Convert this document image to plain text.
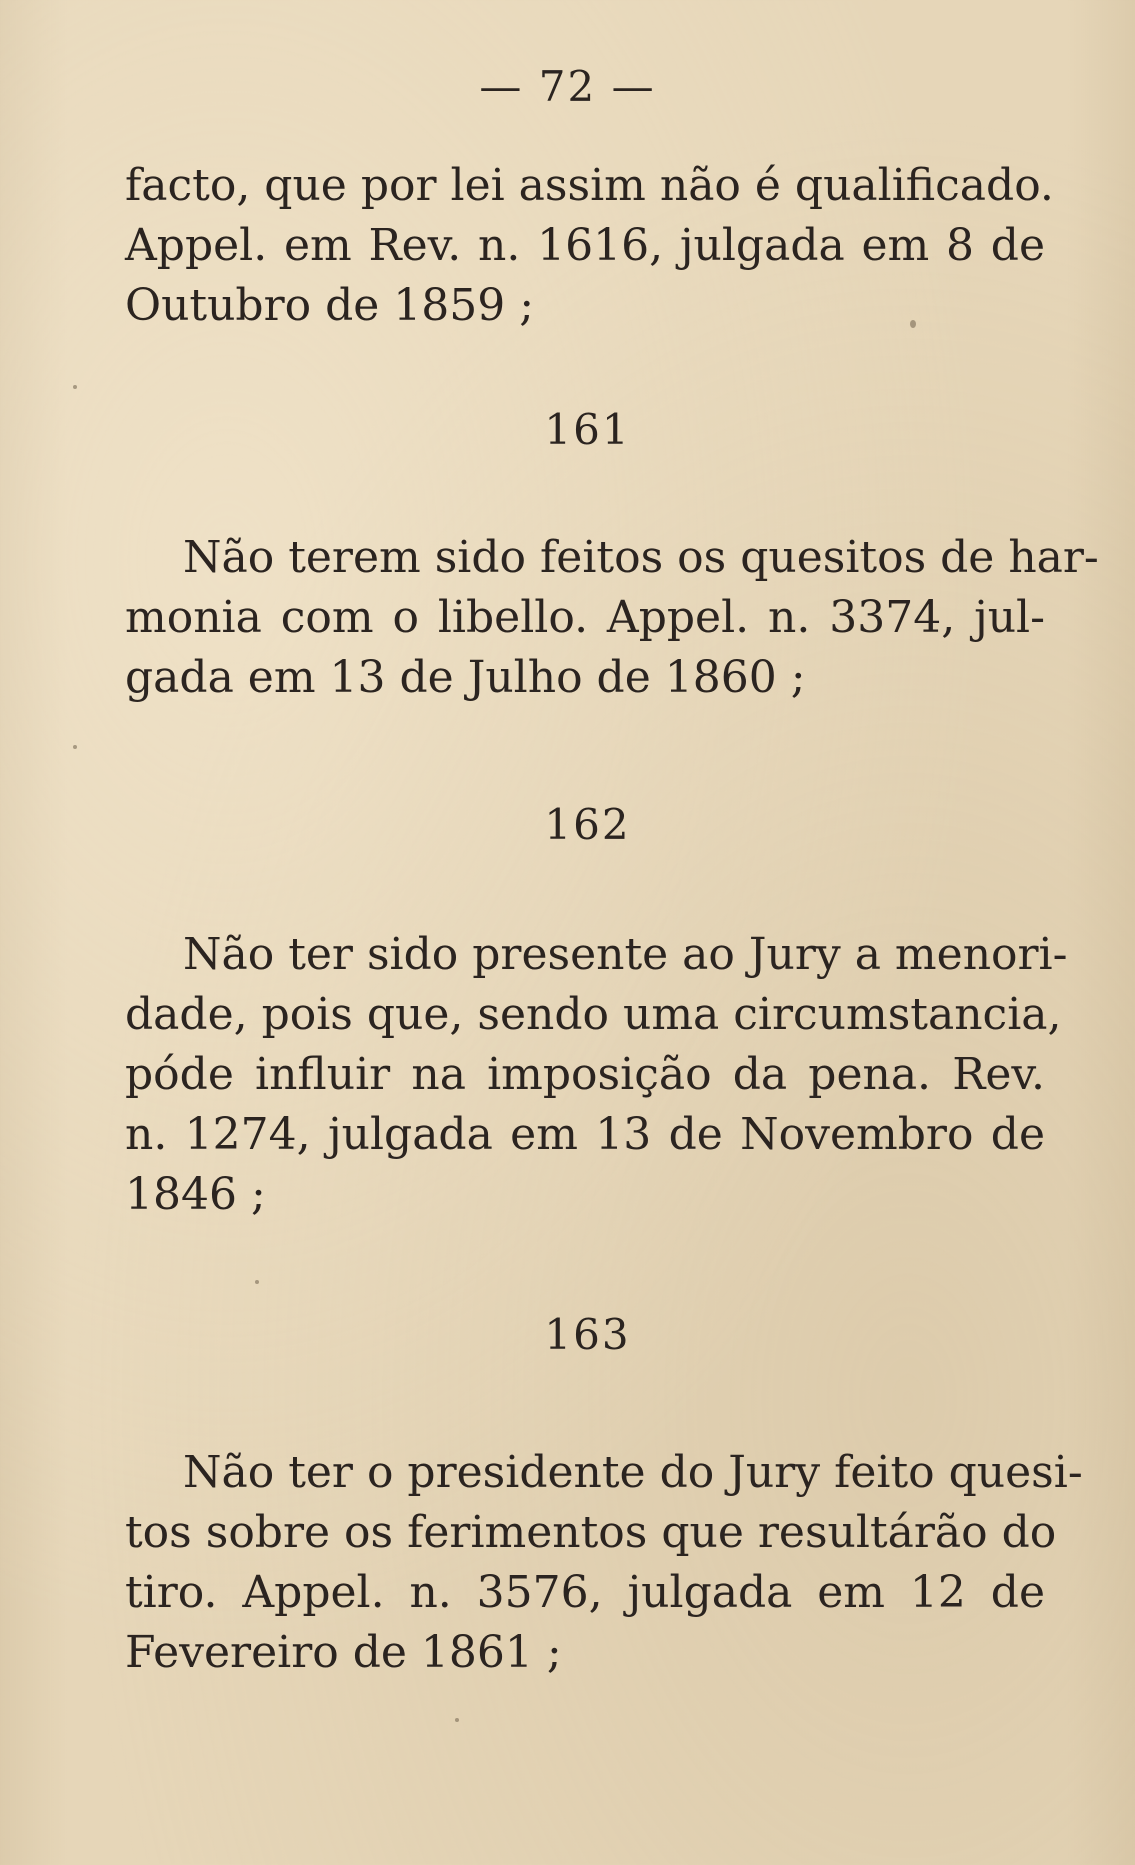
— 72 —
facto, que por lei assim não é qualificado.
Appel. em Rev. n. 1616, julgada em 8 de
Outubro de 1859 ;
161
Não terem sido feitos os quesitos de har-
monia com o libello. Appel. n. 3374, jul-
gada em 13 de Julho de 1860 ;
162
Não ter sido presente ao Jury a menori-
dade, pois que, sendo uma circumstancia,
póde influir na imposição da pena. Rev.
n. 1274, julgada em 13 de Novembro de
1846 ;
163
Não ter o presidente do Jury feito quesi-
tos sobre os ferimentos que resultárão do
tiro. Appel. n. 3576, julgada em 12 de
Fevereiro de 1861 ;
